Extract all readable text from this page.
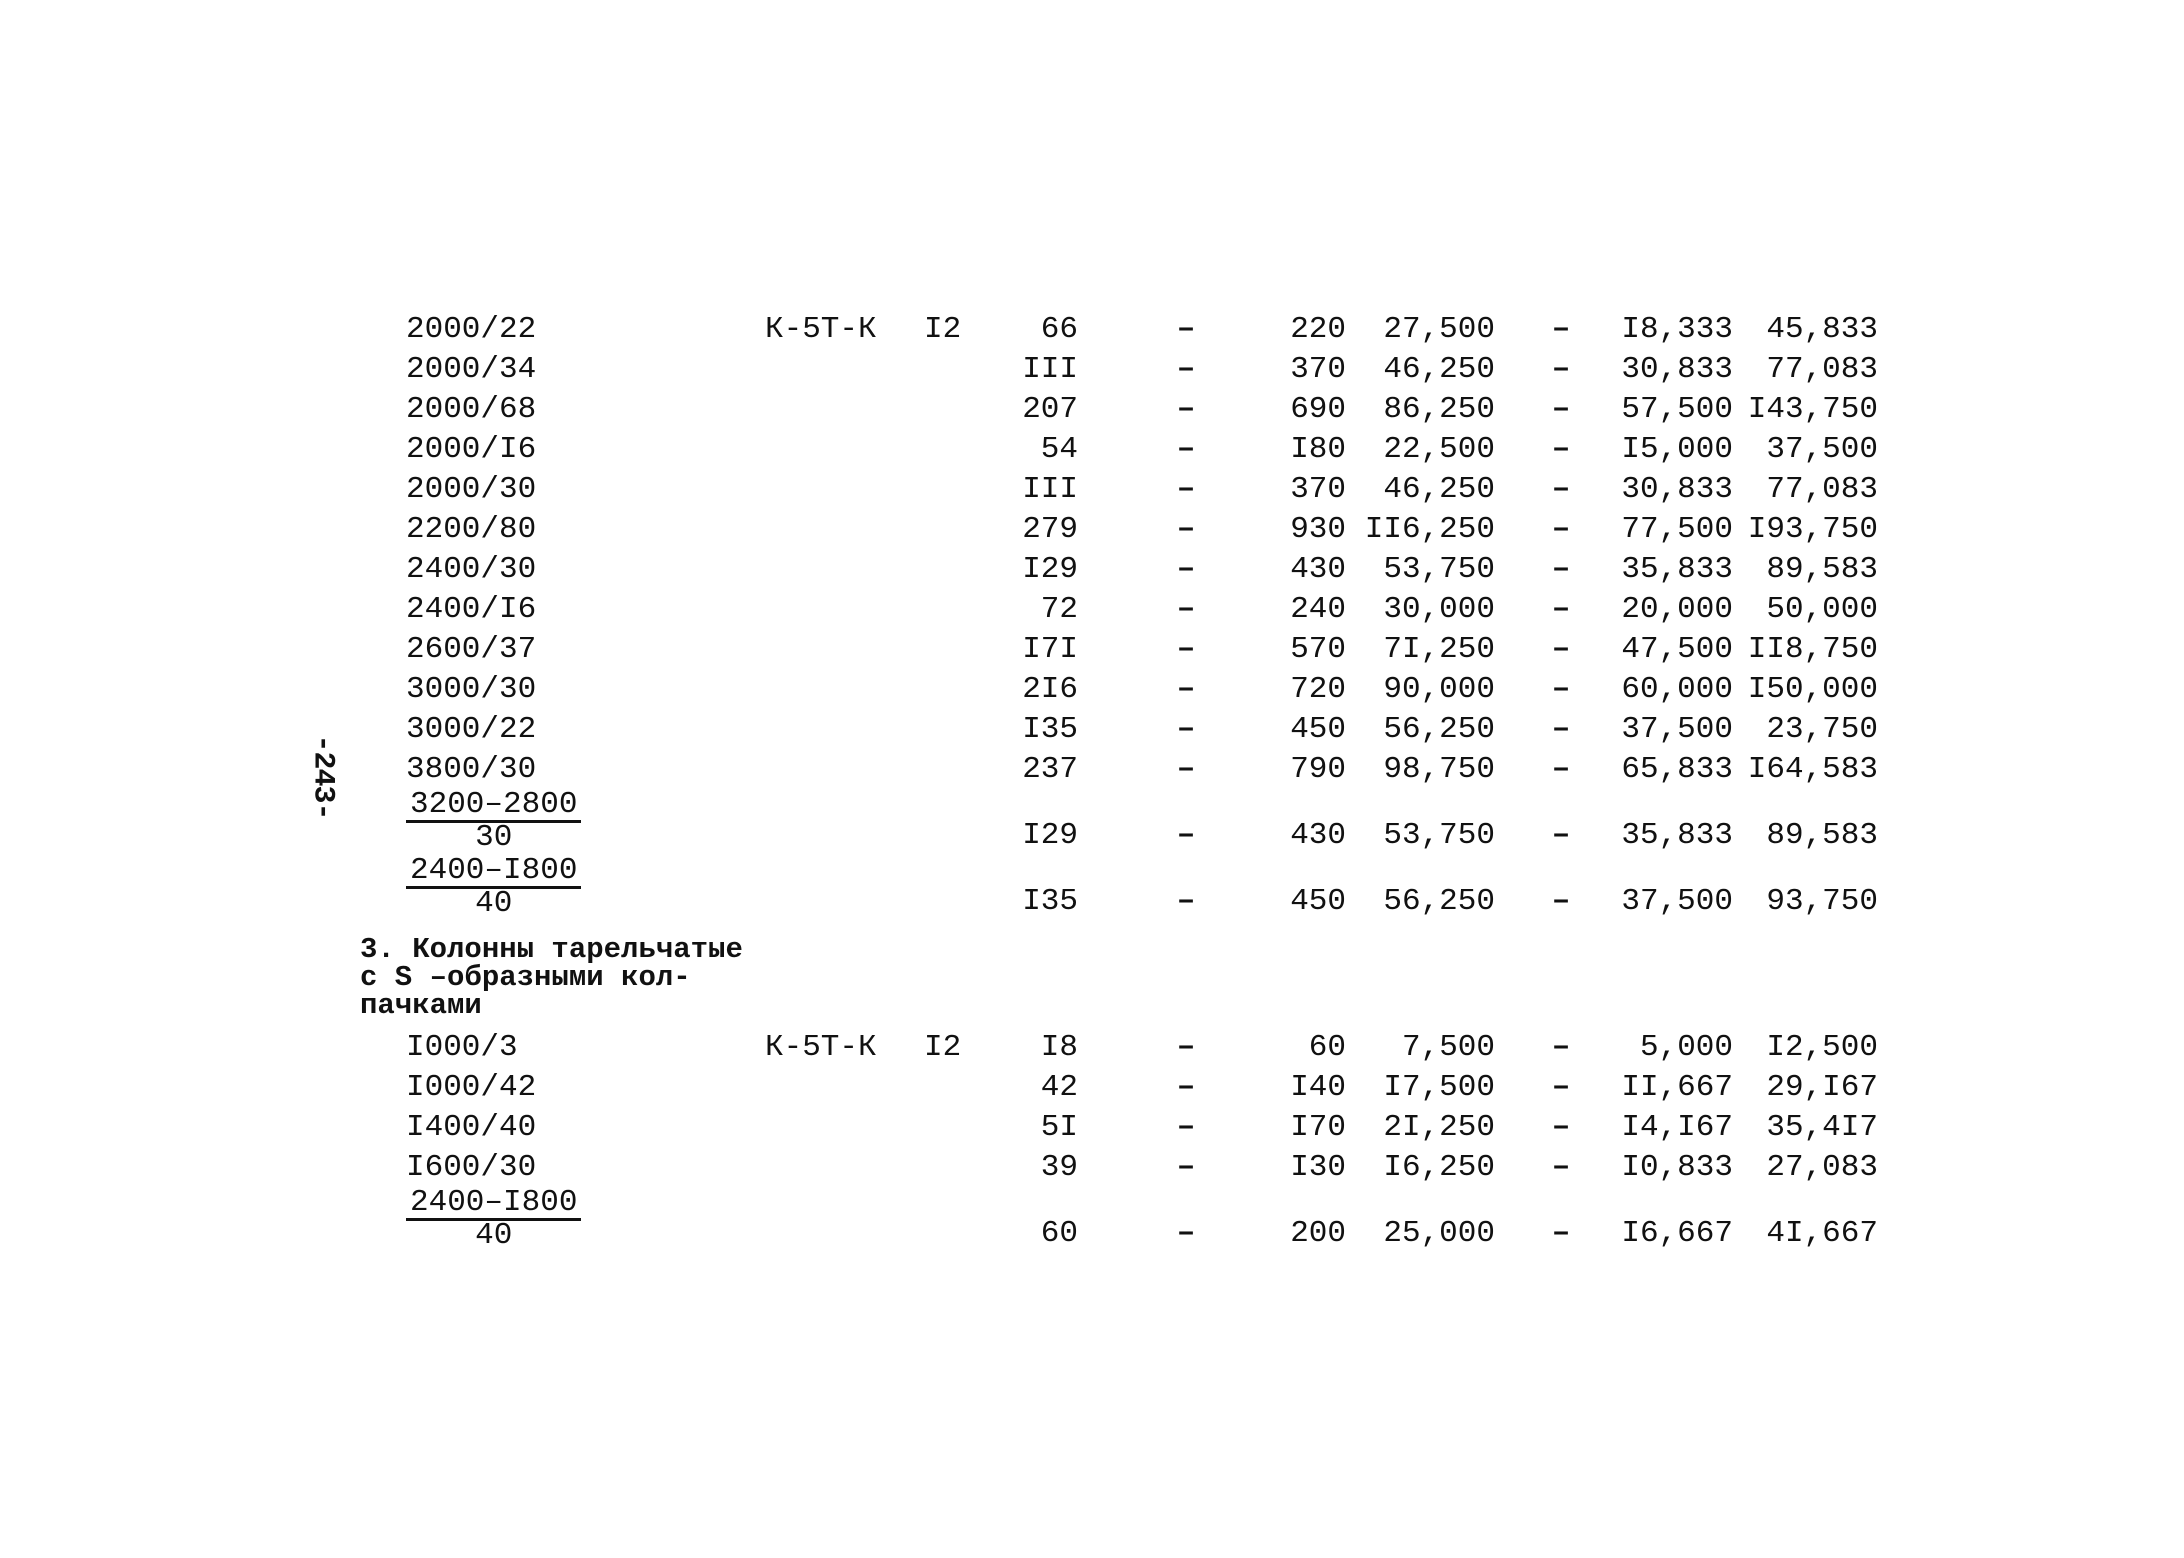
-243-
2000/22	К-5Т-К I2	66	–	220	27,500 –	I8,333	45,833
2000/34	III	–	370	46,250 –	30,833	77,083
2000/68	207	–	690	86,250 –	57,500 I43,750
2000/I6	54	–	I80	22,500 –	I5,000	37,500
2000/30	III	–	370	46,250 –	30,833	77,083
2200/80	279	–	930 II6,250 –	77,500 I93,750
2400/30	I29	–	430	53,750 –	35,833	89,583
2400/I6	72	–	240	30,000 –	20,000	50,000
2600/37	I7I	–	570	7I,250 –	47,500 II8,750
3000/30	2I6	–	720	90,000 –	60,000 I50,000
3000/22	I35	–	450	56,250 –	37,500	23,750
3800/30	237	–	790	98,750 –	65,833 I64,583
$\frac{3200-2800}{30}$	I29	–	430	53,750 –	35,833	89,583
$\frac{2400-I800}{40}$	I35	–	450	56,250 –	37,500	93,750
3. Колонны тарельчатые
с S –образными кол-
пачками
I000/3	К-5Т-К I2	I8	–	60	7,500 –	5,000	I2,500
I000/42	42	–	I40	I7,500 –	II,667	29,I67
I400/40	5I	–	I70	2I,250 –	I4,I67	35,4I7
I600/30	39	–	I30	I6,250 –	I0,833	27,083
$\frac{2400-I800}{40}$	60	–	200	25,000 –	I6,667	4I,667
